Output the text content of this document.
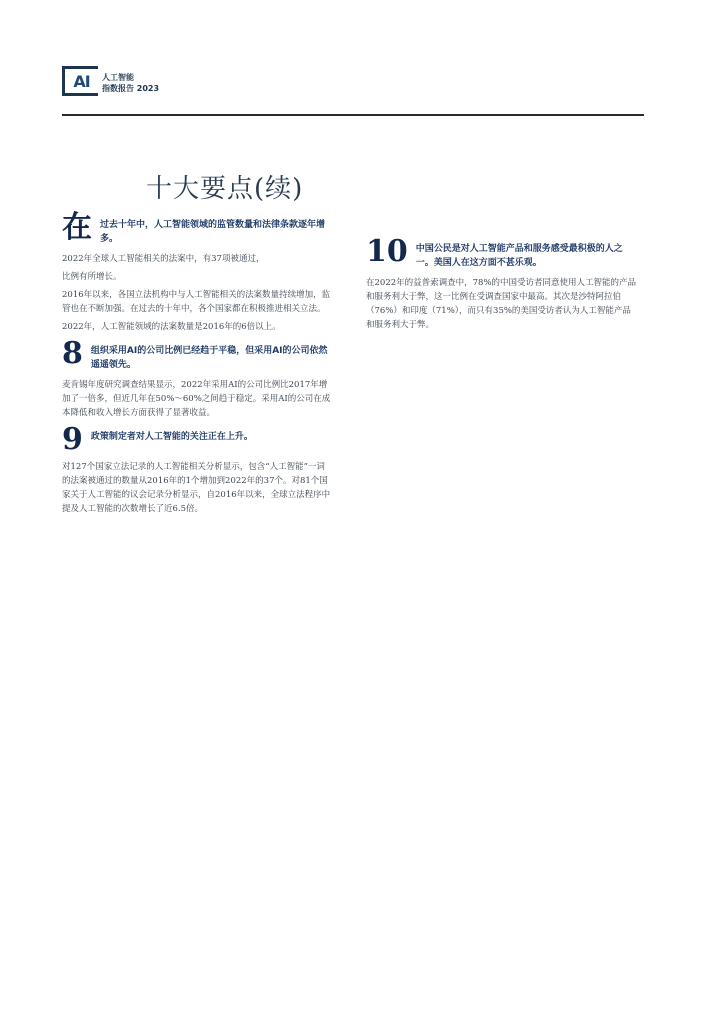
AI	人工智能
指数报告 2023
十大要点(续)
在 过去十年中，人工智能领域的监管数量和法律条款逐年增多。

2022年全球人工智能相关的法案中，有37项被通过，

比例有所增长。

2016年以来，各国立法机构中与人工智能相关的法案数量持续增加，监管也在不断加强。在过去的十年中，各个国家都在积极推进相关立法。

2022年，人工智能领域的法案数量是2016年的6倍以上。

8 组织采用AI的公司比例已经趋于平稳，但采用AI的公司依然遥遥领先。

麦肯锡年度研究调查结果显示，2022年采用AI的公司比例比2017年增加了一倍多，但近几年在50%～60%之间趋于稳定。采用AI的公司在成本降低和收入增长方面获得了显著收益。

9 政策制定者对人工智能的关注正在上升。

对127个国家立法记录的人工智能相关分析显示，包含“人工智能”一词的法案被通过的数量从2016年的1个增加到2022年的37个。对81个国家关于人工智能的议会记录分析显示，自2016年以来，全球立法程序中提及人工智能的次数增长了近6.5倍。

10 中国公民是对人工智能产品和服务感受最积极的人之一。美国人在这方面不甚乐观。

在2022年的益普索调查中，78%的中国受访者同意使用人工智能的产品和服务利大于弊，这一比例在受调查国家中最高。其次是沙特阿拉伯（76%）和印度（71%），而只有35%的美国受访者认为人工智能产品和服务利大于弊。
